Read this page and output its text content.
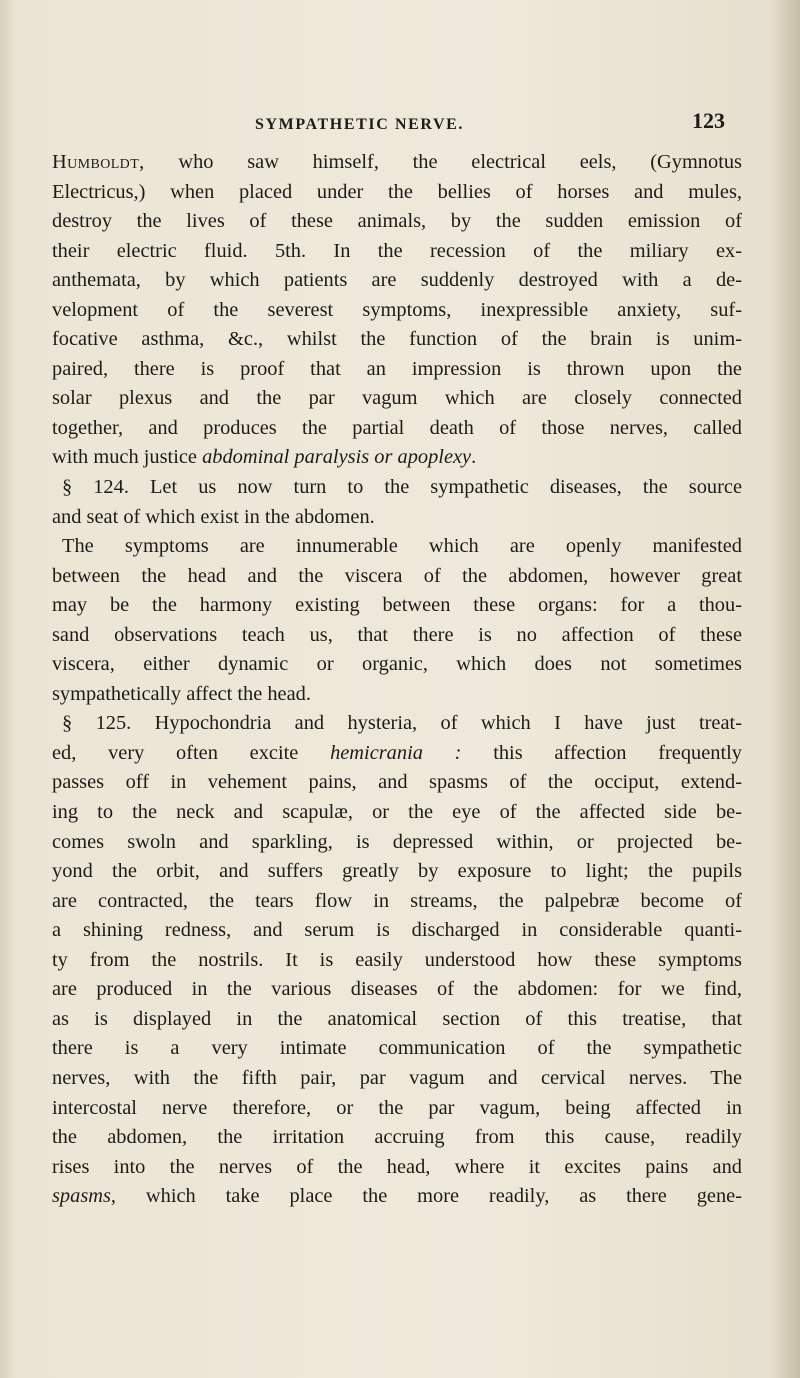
SYMPATHETIC NERVE.	123
Humboldt, who saw himself, the electrical eels, (Gymnotus
Electricus,) when placed under the bellies of horses and mules,
destroy the lives of these animals, by the sudden emission of
their electric fluid. 5th. In the recession of the miliary ex-
anthemata, by which patients are suddenly destroyed with a de-
velopment of the severest symptoms, inexpressible anxiety, suf-
focative asthma, &c., whilst the function of the brain is unim-
paired, there is proof that an impression is thrown upon the
solar plexus and the par vagum which are closely connected
together, and produces the partial death of those nerves, called
with much justice abdominal paralysis or apoplexy.
§ 124. Let us now turn to the sympathetic diseases, the source
and seat of which exist in the abdomen.
The symptoms are innumerable which are openly manifested
between the head and the viscera of the abdomen, however great
may be the harmony existing between these organs: for a thou-
sand observations teach us, that there is no affection of these
viscera, either dynamic or organic, which does not sometimes
sympathetically affect the head.
§ 125. Hypochondria and hysteria, of which I have just treat-
ed, very often excite hemicrania : this affection frequently
passes off in vehement pains, and spasms of the occiput, extend-
ing to the neck and scapulæ, or the eye of the affected side be-
comes swoln and sparkling, is depressed within, or projected be-
yond the orbit, and suffers greatly by exposure to light; the pupils
are contracted, the tears flow in streams, the palpebræ become of
a shining redness, and serum is discharged in considerable quanti-
ty from the nostrils. It is easily understood how these symptoms
are produced in the various diseases of the abdomen: for we find,
as is displayed in the anatomical section of this treatise, that
there is a very intimate communication of the sympathetic
nerves, with the fifth pair, par vagum and cervical nerves. The
intercostal nerve therefore, or the par vagum, being affected in
the abdomen, the irritation accruing from this cause, readily
rises into the nerves of the head, where it excites pains and
spasms, which take place the more readily, as there gene-
